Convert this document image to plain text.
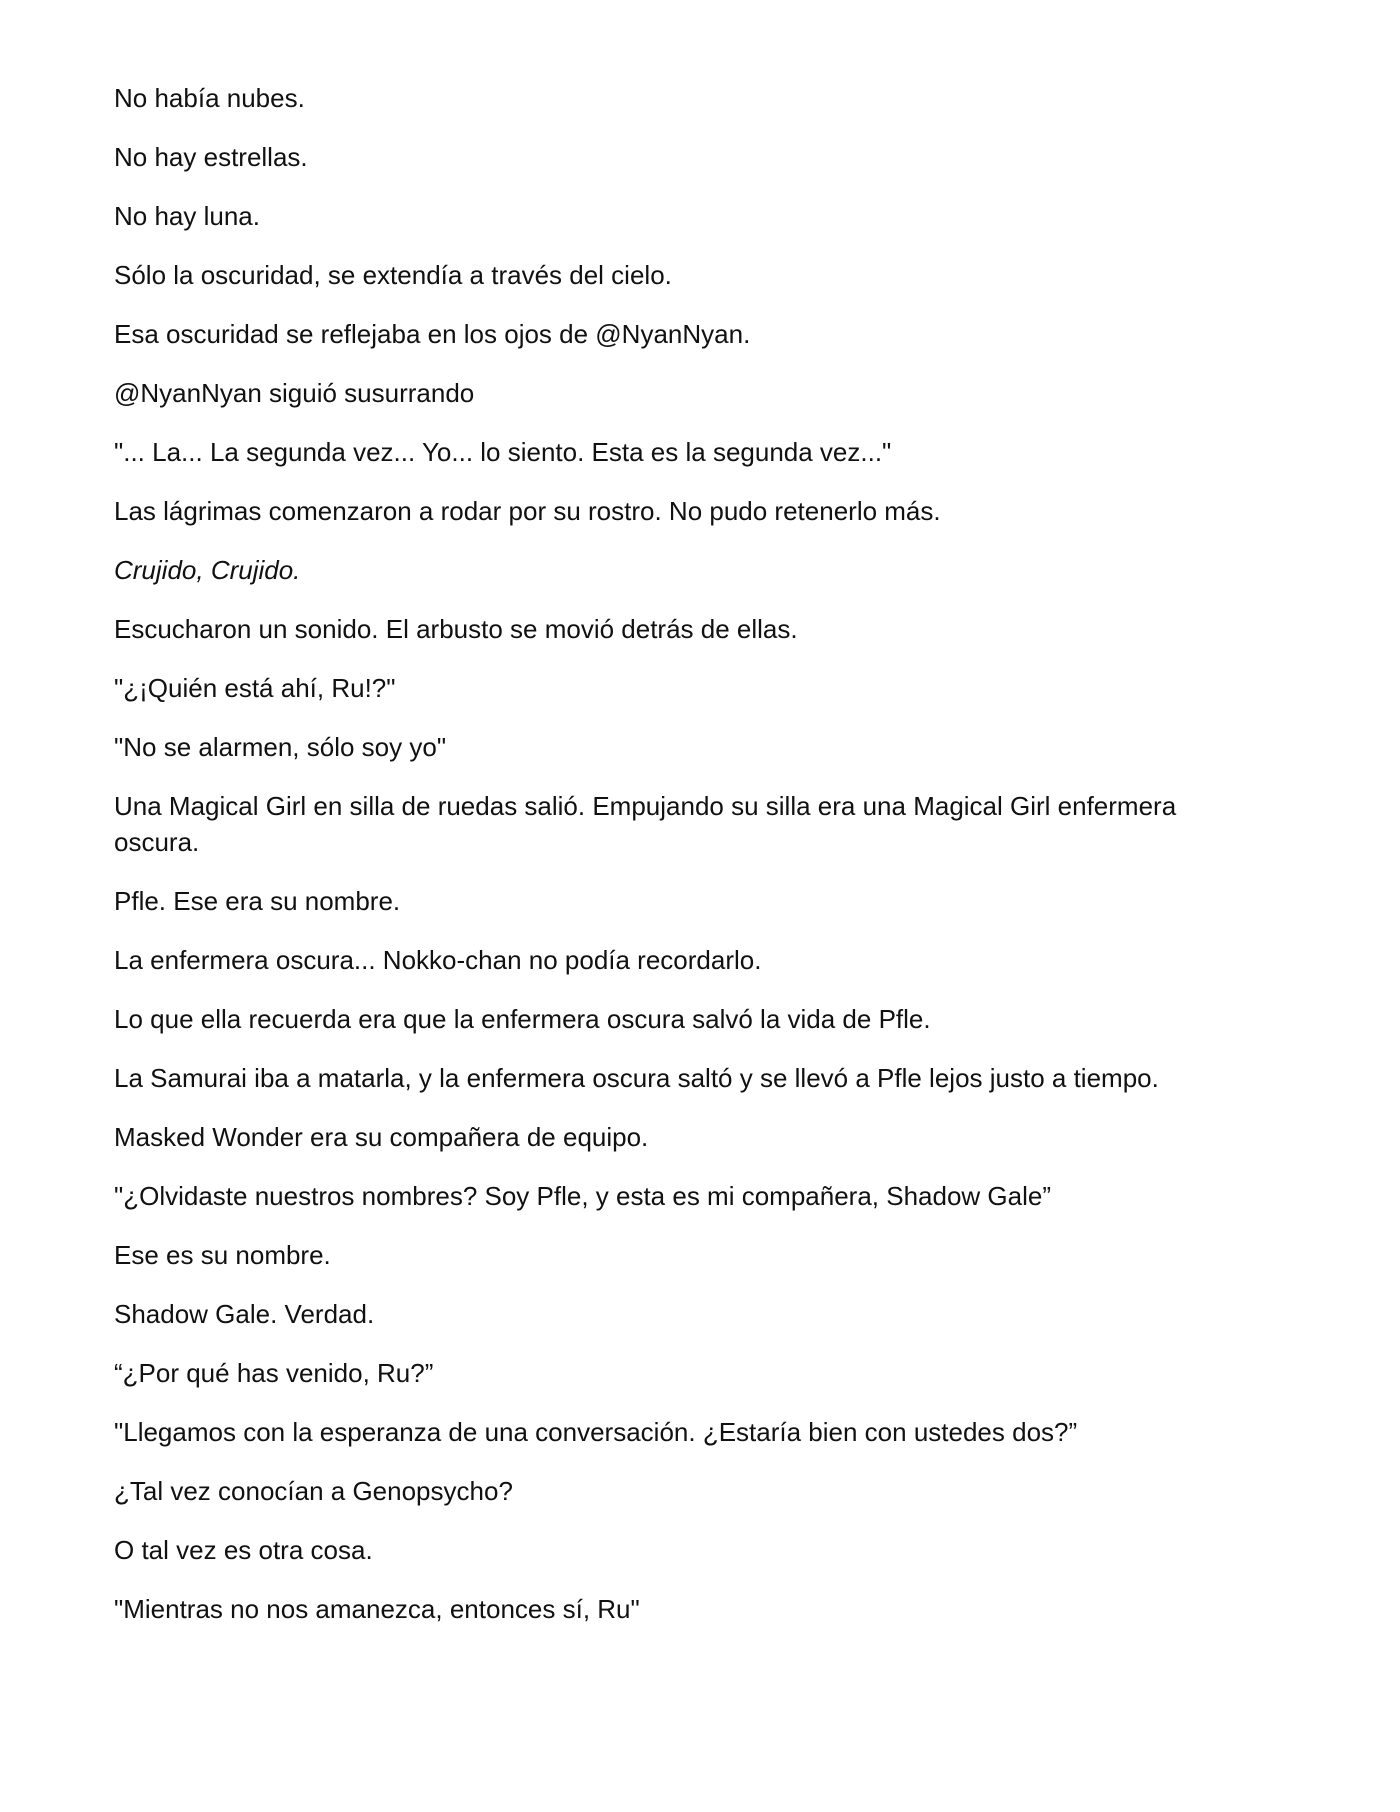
No había nubes.

No hay estrellas.

No hay luna.

Sólo la oscuridad, se extendía a través del cielo.

Esa oscuridad se reflejaba en los ojos de @NyanNyan.

@NyanNyan siguió susurrando

"... La... La segunda vez... Yo... lo siento. Esta es la segunda vez..."

Las lágrimas comenzaron a rodar por su rostro. No pudo retenerlo más.

Crujido, Crujido.

Escucharon un sonido. El arbusto se movió detrás de ellas.

"¿¡Quién está ahí, Ru!?"

"No se alarmen, sólo soy yo"

Una Magical Girl en silla de ruedas salió. Empujando su silla era una Magical Girl enfermera oscura.

Pfle. Ese era su nombre.

La enfermera oscura... Nokko-chan no podía recordarlo.

Lo que ella recuerda era que la enfermera oscura salvó la vida de Pfle.

La Samurai iba a matarla, y la enfermera oscura saltó y se llevó a Pfle lejos justo a tiempo.

Masked Wonder era su compañera de equipo.

"¿Olvidaste nuestros nombres? Soy Pfle, y esta es mi compañera, Shadow Gale”

Ese es su nombre.

Shadow Gale. Verdad.

“¿Por qué has venido, Ru?”

"Llegamos con la esperanza de una conversación. ¿Estaría bien con ustedes dos?”

¿Tal vez conocían a Genopsycho?

O tal vez es otra cosa.

"Mientras no nos amanezca, entonces sí, Ru"
